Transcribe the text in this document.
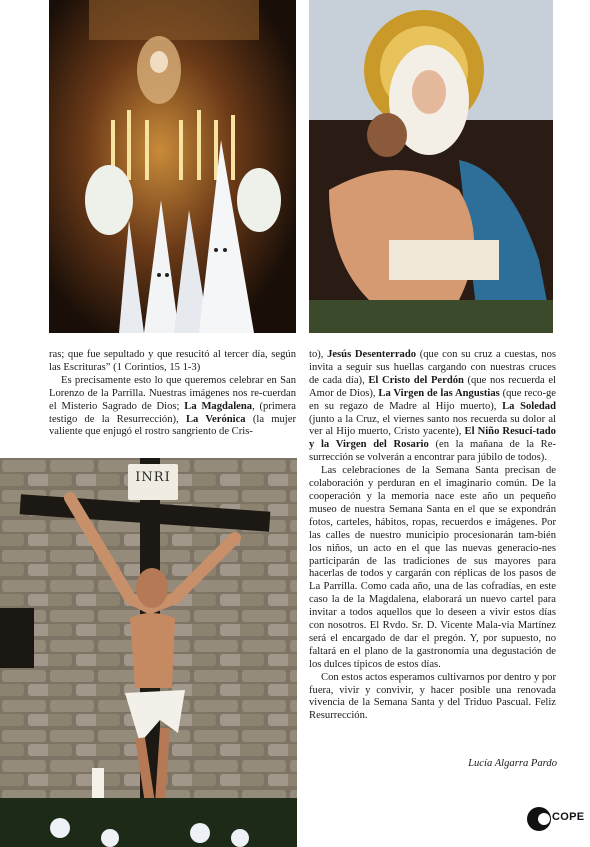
INRI

ras; que fue sepultado y que resucitó al tercer día, según las Escrituras” (1 Corintios, 15 1-3)

Es precisamente esto lo que queremos celebrar en San Lorenzo de la Parrilla. Nuestras imágenes nos re-cuerdan el Misterio Sagrado de Dios; La Magdalena, (primera testigo de la Resurrección), La Verónica (la mujer valiente que enjugó el rostro sangriento de Cris-

to), Jesús Desenterrado (que con su cruz a cuestas, nos invita a seguir sus huellas cargando con nuestras cruces de cada día), El Cristo del Perdón (que nos recuerda el Amor de Dios), La Virgen de las Angustias (que reco-ge en su regazo de Madre al Hijo muerto), La Soledad (junto a la Cruz, el viernes santo nos recuerda su dolor al ver al Hijo muerto, Cristo yacente), El Niño Resuci-tado y la Virgen del Rosario (en la mañana de la Re-surrección se volverán a encontrar para júbilo de todos).

Las celebraciones de la Semana Santa precisan de colaboración y perduran en el imaginario común. De la cooperación y la memoria nace este año un pequeño museo de nuestra Semana Santa en el que se expondrán fotos, carteles, hábitos, ropas, recuerdos e imágenes. Por las calles de nuestro municipio procesionarán tam-bién los niños, un acto en el que las nuevas generacio-nes participarán de las tradiciones de sus mayores para hacerlas de todos y cargarán con réplicas de los pasos de La Parrilla. Como cada año, una de las cofradías, en este caso la de la Magdalena, elaborará un nuevo cartel para invitar a todos aquellos que lo deseen a vivir estos días con nosotros. El Rvdo. Sr. D. Vicente Mala-via Martínez será el encargado de dar el pregón. Y, por supuesto, no faltará en el plano de la gastronomía una degustación de los dulces típicos de estos días.

Con estos actos esperamos cultivarnos por dentro y por fuera, vivir y convivir, y hacer posible una renovada vivencia de la Semana Santa y del Triduo Pascual. Feliz Resurrección.

Lucía Algarra Pardo
COPE
